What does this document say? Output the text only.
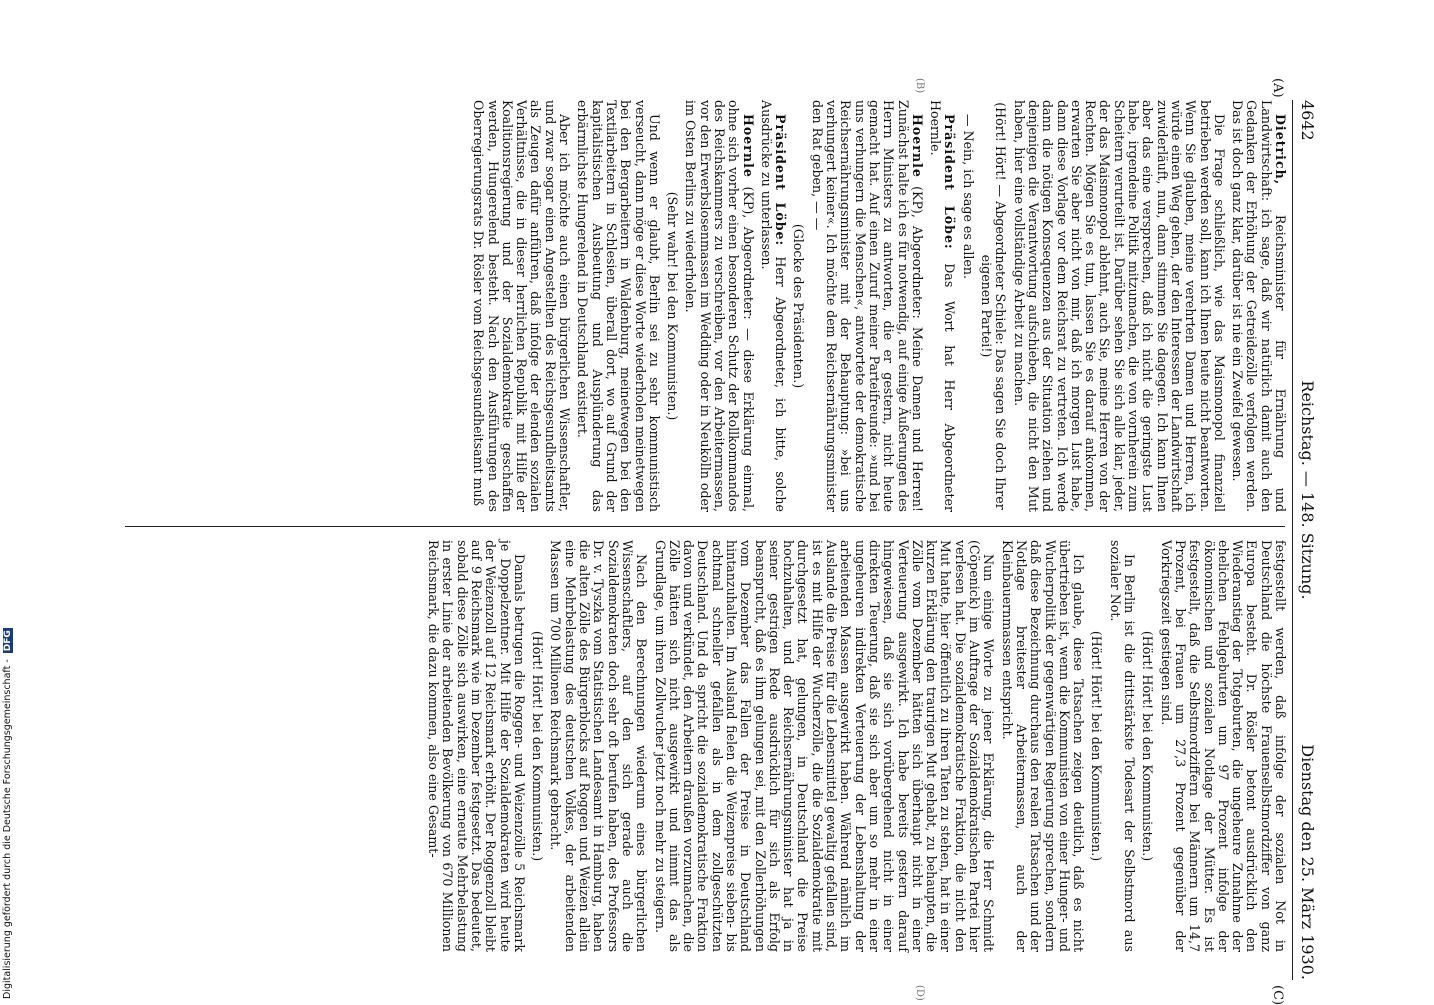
4642
Reichstag. — 148. Sitzung.
Dienstag den 25. März 1930.
(A)
(B)
(C)
(D)

Dietrich, Reichsminister für Ernährung und Landwirtschaft: ich sage, daß wir natürlich damit auch den Gedanken der Erhöhung der Getreidezölle verfolgen werden. Das ist doch ganz klar, darüber ist nie ein Zweifel gewesen.

Die Frage schließlich, wie das Maismonopol finanziell betrieben werden soll, kann ich Ihnen heute nicht beantworten. Wenn Sie glauben, meine verehrten Damen und Herren, ich würde einen Weg gehen, der den Interessen der Landwirtschaft zuwiderläuft, nun, dann stimmen Sie dagegen. Ich kann Ihnen aber das eine versprechen, daß ich nicht die geringste Lust habe, irgendeine Politik mitzumachen, die von vornherein zum Scheitern verurteilt ist. Darüber sehen Sie sich alle klar, jeder, der das Maismonopol ablehnt, auch Sie, meine Herren von der Rechten. Mögen Sie es tun, lassen Sie es darauf ankommen, erwarten Sie aber nicht von mir, daß ich morgen Lust habe, dann diese Vorlage vor dem Reichsrat zu vertreten. Ich werde dann die nötigen Konsequenzen aus der Situation ziehen und denjenigen die Verantwortung aufschieben, die nicht den Mut haben, hier eine vollständige Arbeit zu machen.

(Hört! Hört! — Abgeordneter Schiele: Das sagen Sie doch Ihrer eigenen Partei!)

— Nein, ich sage es allen.

Präsident Löbe: Das Wort hat Herr Abgeordneter Hoernle.

Hoernle (KP), Abgeordneter: Meine Damen und Herren! Zunächst halte ich es für notwendig, auf einige Äußerungen des Herrn Ministers zu antworten, die er gestern, nicht heute gemacht hat. Auf einen Zuruf meiner Parteifreunde: »und bei uns verhungern die Menschen«, antwortete der demokratische Reichsernährungsminister mit der Behauptung: »bei uns verhungert keiner«. Ich möchte dem Reichsernährungsminister den Rat geben, — —

(Glocke des Präsidenten.)

Präsident Löbe: Herr Abgeordneter, ich bitte, solche Ausdrücke zu unterlassen.

Hoernle (KP), Abgeordneter: — diese Erklärung einmal, ohne sich vorher einen besonderen Schutz der Rollkommandos des Reichskammers zu verschreiben, vor den Arbeitermassen, vor den Erwerbslosenmassen im Wedding oder in Neukölln oder im Osten Berlins zu wiederholen.

(Sehr wahr! bei den Kommunisten.)

Und wenn er glaubt, Berlin sei zu sehr kommunistisch verseucht, dann möge er diese Worte wiederholen meinetwegen bei den Bergarbeitern in Waldenburg, meinetwegen bei den Textilarbeitern in Schlesien, überall dort, wo auf Grund der kapitalistischen Ausbeutung und Ausplünderung das erbärmlichste Hungerelend in Deutschland existiert.

Aber ich möchte auch einen bürgerlichen Wissenschaftler, und zwar sogar einen Angestellten des Reichsgesundheitsamts als Zeugen dafür anführen, daß infolge der elenden sozialen Verhältnisse, die in dieser herrlichen Republik mit Hilfe der Koalitionsregierung und der Sozialdemokratie geschaffen werden, Hungerelend besteht. Nach den Ausführungen des Oberregierungsrats Dr. Rösler vom Reichsgesundheitsamt muß

festgestellt werden, daß infolge der sozialen Not in Deutschland die höchste Frauenselbstmordziffer von ganz Europa besteht. Dr. Rösler betont ausdrücklich den Wiederanstieg der Totgeburten, die ungeheure Zunahme der ehelichen Fehlgeburten um 97 Prozent infolge der ökonomischen und sozialen Notlage der Mütter. Es ist festgestellt, daß die Selbstmordziffern bei Männern um 14,7 Prozent, bei Frauen um 27,3 Prozent gegenüber der Vorkriegszeit gestiegen sind.

(Hört! Hört! bei den Kommunisten.)

In Berlin ist die drittstärkste Todesart der Selbstmord aus sozialer Not.

(Hört! Hört! bei den Kommunisten.)

Ich glaube, diese Tatsachen zeigen deutlich, daß es nicht übertrieben ist, wenn die Kommunisten von einer Hunger- und Wucherpolitik der gegenwärtigen Regierung sprechen, sondern daß diese Bezeichnung durchaus den realen Tatsachen und der Notlage breitester Arbeitermassen, auch der Kleinbauernmassen entspricht.

Nun einige Worte zu jener Erklärung, die Herr Schmidt (Cöpenick) im Auftrage der Sozialdemokratischen Partei hier verlesen hat. Die sozialdemokratische Fraktion, die nicht den Mut hatte, hier öffentlich zu ihren Taten zu stehen, hat in einer kurzen Erklärung den traurigen Mut gehabt, zu behaupten, die Zölle vom Dezember hätten sich überhaupt nicht in einer Verteuerung ausgewirkt. Ich habe bereits gestern darauf hingewiesen, daß sie sich vorübergehend nicht in einer direkten Teuerung, daß sie sich aber um so mehr in einer ungeheuren indirekten Verteuerung der Lebenshaltung der arbeitenden Massen ausgewirkt haben. Während nämlich im Auslande die Preise für die Lebensmittel gewaltig gefallen sind, ist es mit Hilfe der Wucherzölle, die die Sozialdemokratie mit durchgesetzt hat, gelungen, in Deutschland die Preise hochzuhalten, und der Reichsernährungsminister hat ja in seiner gestrigen Rede ausdrücklich für sich als Erfolg beansprucht, daß es ihm gelungen sei, mit den Zollerhöhungen vom Dezember das Fallen der Preise in Deutschland hintanzuhalten. Im Ausland fielen die Weizenpreise sieben- bis achtmal schneller gefallen als in dem zollgeschützten Deutschland. Und da spricht die sozialdemokratische Fraktion davon und verkündet, den Arbeitern draußen vorzumachen, die Zölle hätten sich nicht ausgewirkt und nimmt das als Grundlage, um ihren Zollwucher jetzt noch mehr zu steigern.

Nach den Berechnungen wiederum eines bürgerlichen Wissenschaftlers, auf den sich gerade auch die Sozialdemokraten doch sehr oft berufen haben, des Professors Dr. v. Tyszka vom Statistischen Landesamt in Hamburg, haben die alten Zölle des Bürgerblocks auf Roggen und Weizen allein eine Mehrbelastung des deutschen Volkes, der arbeitenden Massen um 700 Millionen Reichsmark gebracht.

(Hört! Hört! bei den Kommunisten.)

Damals betrugen die Roggen- und Weizenzölle 5 Reichsmark je Doppelzentner. Mit Hilfe der Sozialdemokraten wird heute der Weizenzoll auf 12 Reichsmark erhöht. Der Roggenzoll bleibt auf 9 Reichsmark wie im Dezember festgesetzt. Das bedeutet, sobald diese Zölle sich auswirken, eine erneute Mehrbelastung in erster Linie der arbeitenden Bevölkerung von 670 Millionen Reichsmark, die dazu kommen, also eine Gesamt-

Digitalisierung gefördert durch die Deutsche Forschungsgemeinschaft - DFG
